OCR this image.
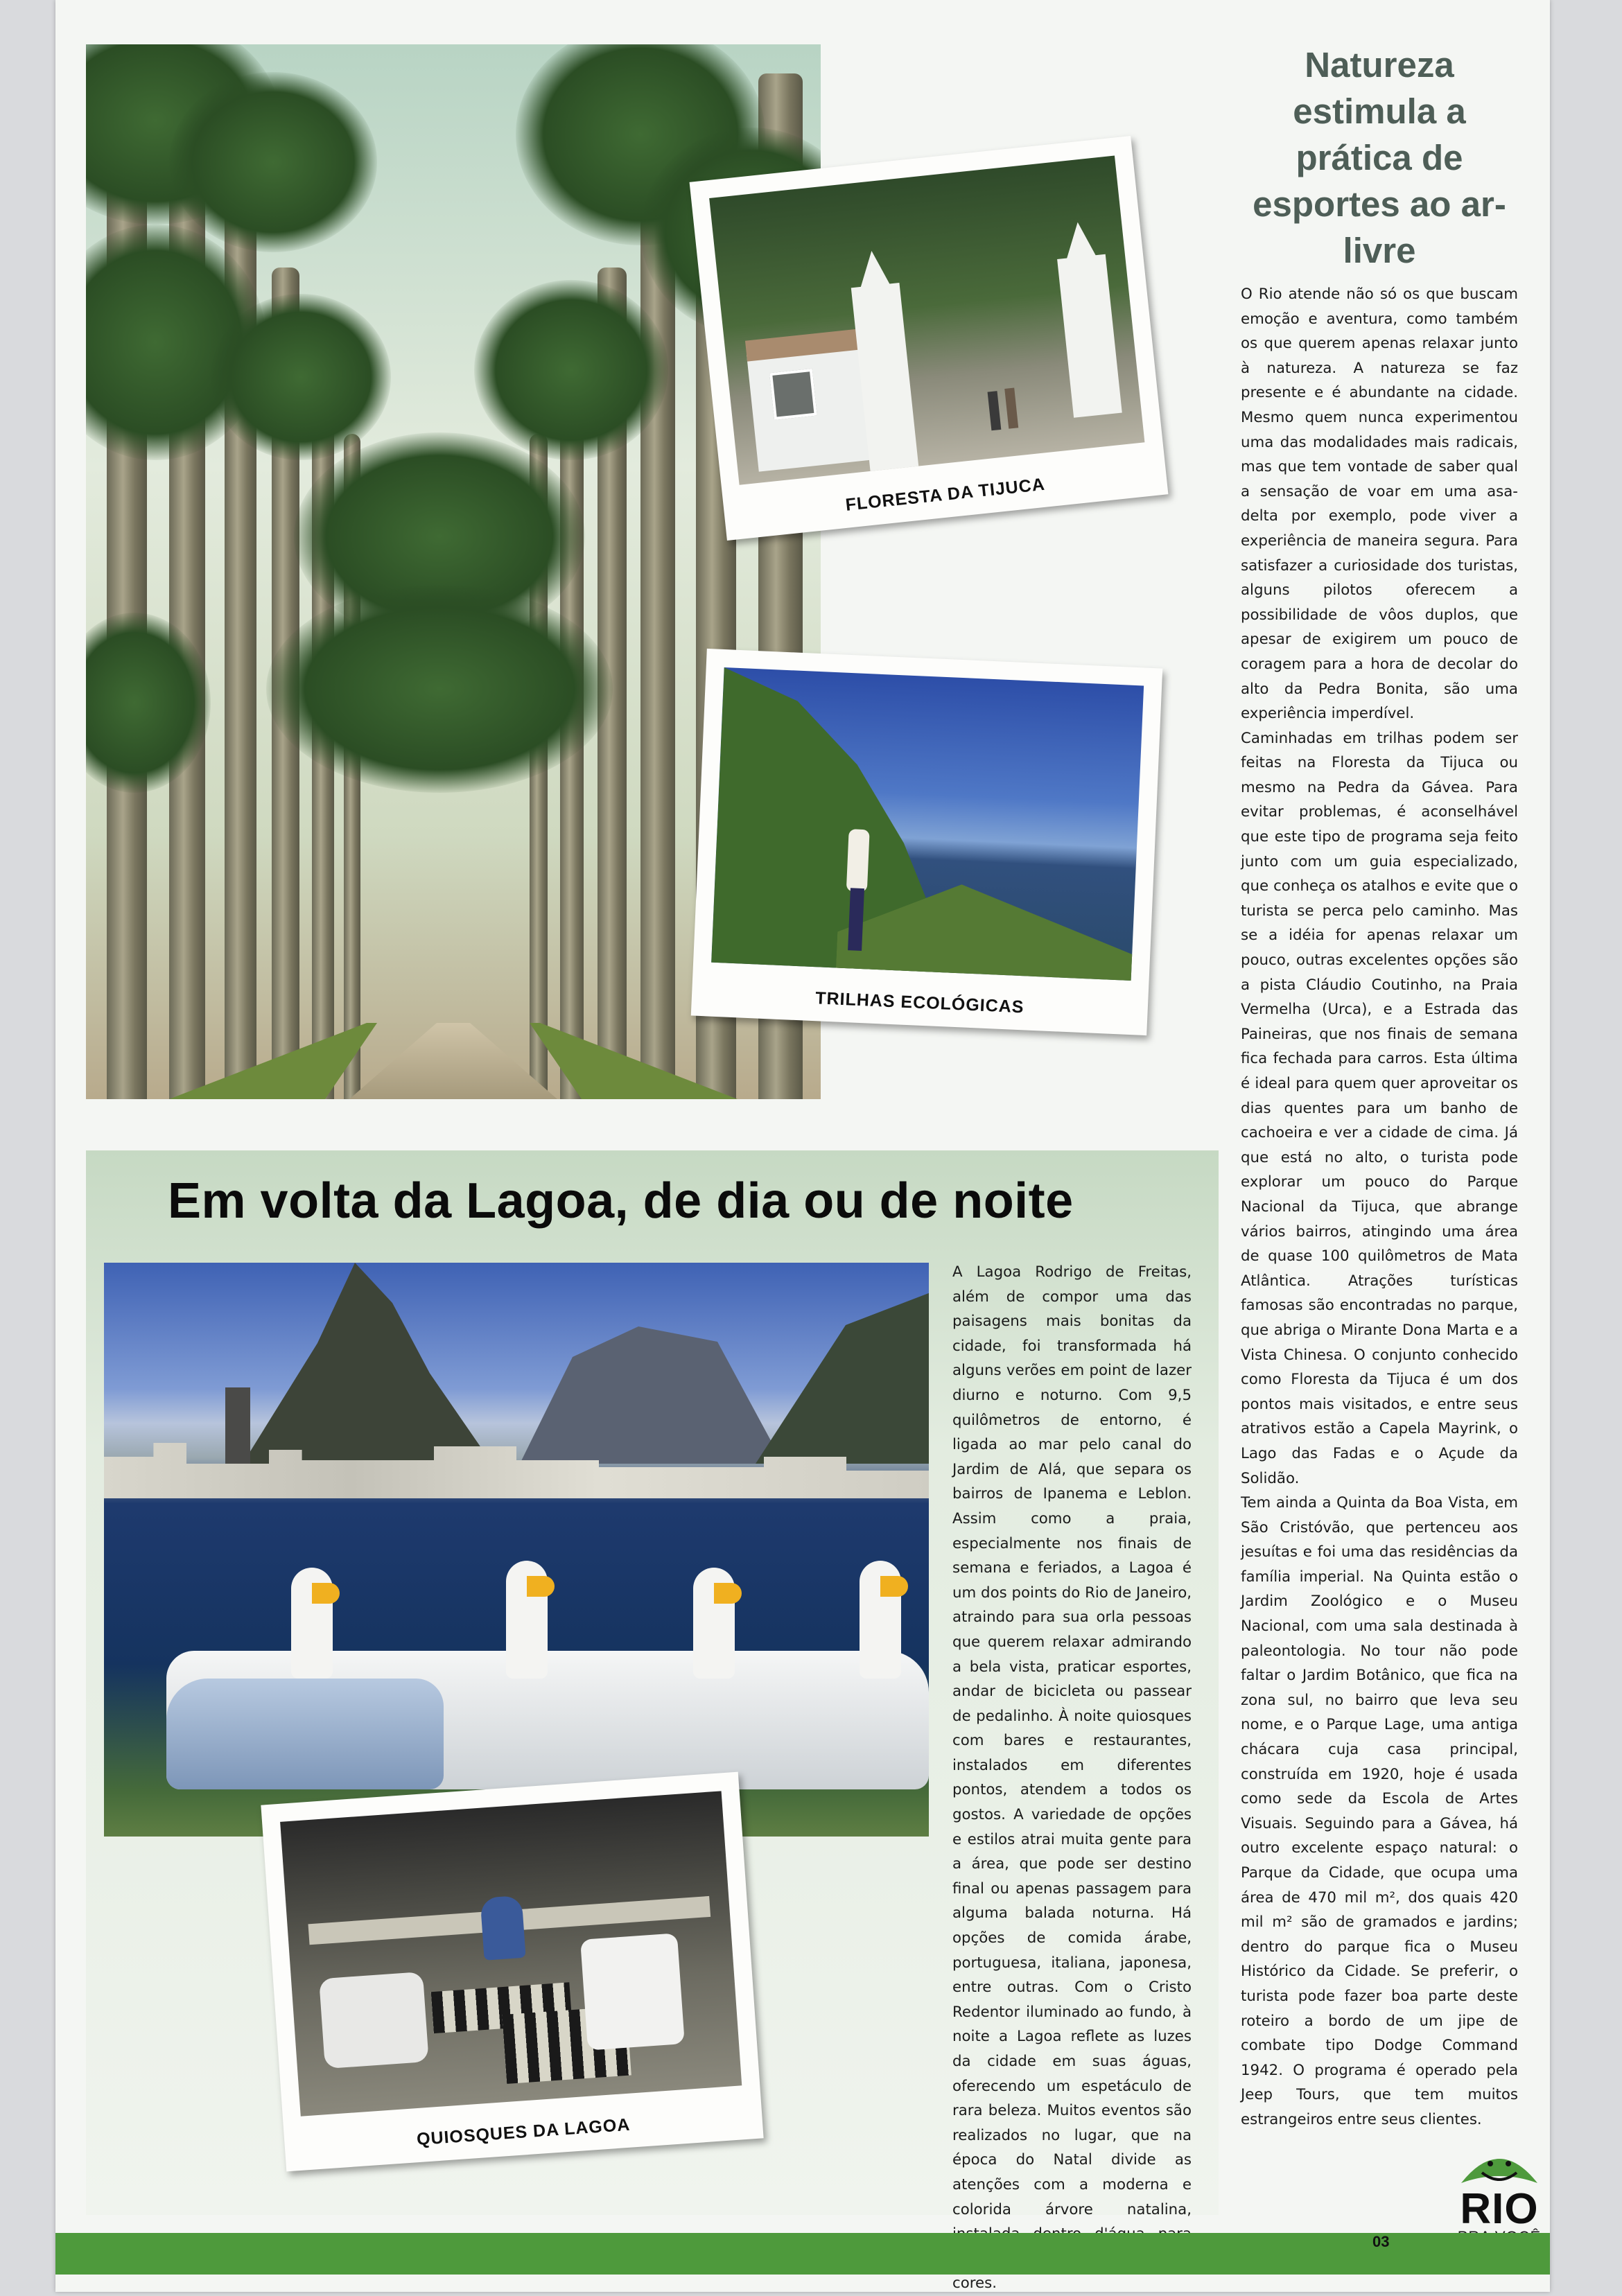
FLORESTA DA TIJUCA
TRILHAS ECOLÓGICAS
Natureza estimula a prática de esportes ao ar-livre

O Rio atende não só os que buscam emoção e aventura, como também os que querem apenas relaxar junto à natureza. A natureza se faz presente e é abundante na cidade. Mesmo quem nunca experimentou uma das modalidades mais radicais, mas que tem vontade de saber qual a sensação de voar em uma asa-delta por exemplo, pode viver a experiência de maneira segura. Para satisfazer a curiosidade dos turistas, alguns pilotos oferecem a possibilidade de vôos duplos, que apesar de exigirem um pouco de coragem para a hora de decolar do alto da Pedra Bonita, são uma experiência imperdível.

Caminhadas em trilhas podem ser feitas na Floresta da Tijuca ou mesmo na Pedra da Gávea. Para evitar problemas, é aconselhável que este tipo de programa seja feito junto com um guia especializado, que conheça os atalhos e evite que o turista se perca pelo caminho. Mas se a idéia for apenas relaxar um pouco, outras excelentes opções são a pista Cláudio Coutinho, na Praia Vermelha (Urca), e a Estrada das Paineiras, que nos finais de semana fica fechada para carros. Esta última é ideal para quem quer aproveitar os dias quentes para um banho de cachoeira e ver a cidade de cima. Já que está no alto, o turista pode explorar um pouco do Parque Nacional da Tijuca, que abrange vários bairros, atingindo uma área de quase 100 quilômetros de Mata Atlântica. Atrações turísticas famosas são encontradas no parque, que abriga o Mirante Dona Marta e a Vista Chinesa. O conjunto conhecido como Floresta da Tijuca é um dos pontos mais visitados, e entre seus atrativos estão a Capela Mayrink, o Lago das Fadas e o Açude da Solidão.

Tem ainda a Quinta da Boa Vista, em São Cristóvão, que pertenceu aos jesuítas e foi uma das residências da família imperial. Na Quinta estão o Jardim Zoológico e o Museu Nacional, com uma sala destinada à paleontologia. No tour não pode faltar o Jardim Botânico, que fica na zona sul, no bairro que leva seu nome, e o Parque Lage, uma antiga chácara cuja casa principal, construída em 1920, hoje é usada como sede da Escola de Artes Visuais. Seguindo para a Gávea, há outro excelente espaço natural: o Parque da Cidade, que ocupa uma área de 470 mil m², dos quais 420 mil m² são de gramados e jardins; dentro do parque fica o Museu Histórico da Cidade. Se preferir, o turista pode fazer boa parte deste roteiro a bordo de um jipe de combate tipo Dodge Command 1942. O programa é operado pela Jeep Tours, que tem muitos estrangeiros entre seus clientes.

Em volta da Lagoa, de dia ou de noite
QUIOSQUES DA LAGOA

A Lagoa Rodrigo de Freitas, além de compor uma das paisagens mais bonitas da cidade, foi transformada há alguns verões em point de lazer diurno e noturno. Com 9,5 quilômetros de entorno, é ligada ao mar pelo canal do Jardim de Alá, que separa os bairros de Ipanema e Leblon. Assim como a praia, especialmente nos finais de semana e feriados, a Lagoa é um dos points do Rio de Janeiro, atraindo para sua orla pessoas que querem relaxar admirando a bela vista, praticar esportes, andar de bicicleta ou passear de pedalinho. À noite quiosques com bares e restaurantes, instalados em diferentes pontos, atendem a todos os gostos. A variedade de opções e estilos atrai muita gente para a área, que pode ser destino final ou apenas passagem para alguma balada noturna. Há opções de comida árabe, portuguesa, italiana, japonesa, entre outras. Com o Cristo Redentor iluminado ao fundo, à noite a Lagoa reflete as luzes da cidade em suas águas, oferecendo um espetáculo de rara beleza. Muitos eventos são realizados no lugar, que na época do Natal divide as atenções com a moderna e colorida árvore natalina, cores.

RIO
03
